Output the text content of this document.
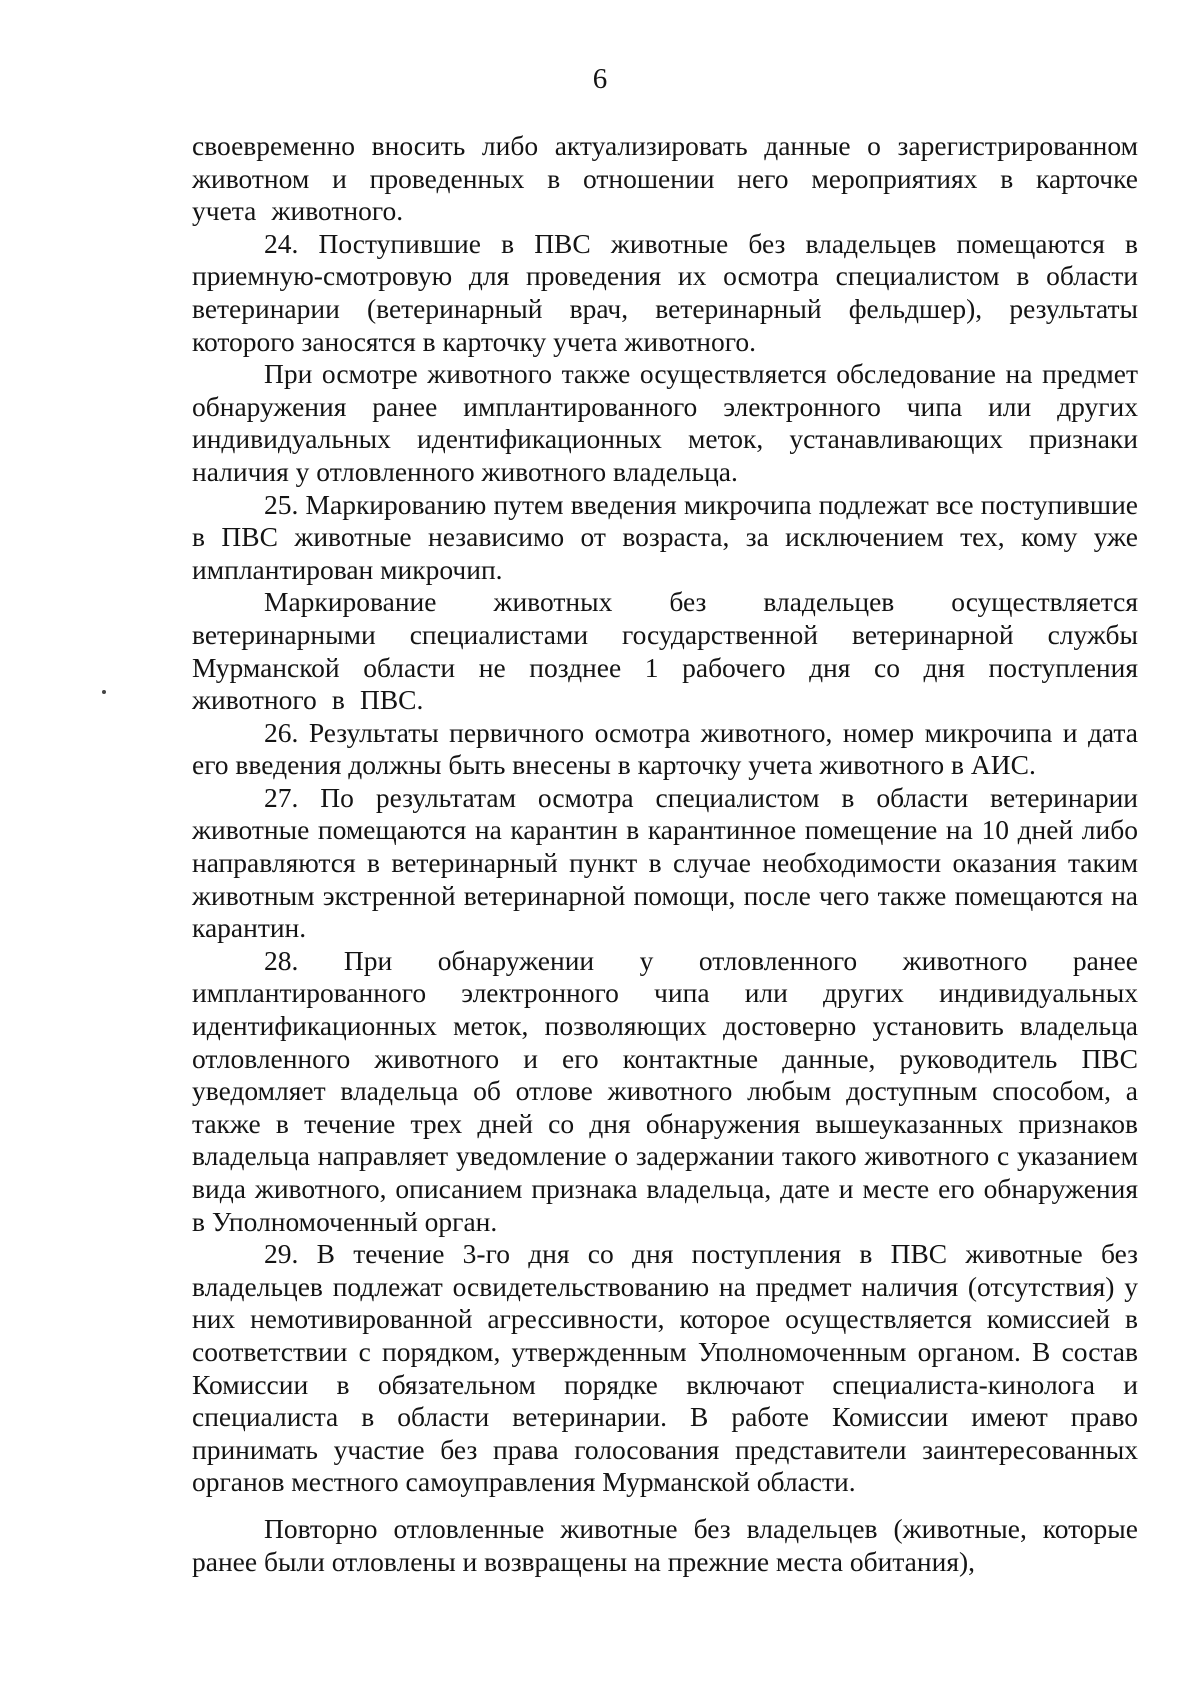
6

своевременно вносить либо актуализировать данные о зарегистрированном животном и проведенных в отношении него мероприятиях в карточке учета животного.

24. Поступившие в ПВС животные без владельцев помещаются в приемную-смотровую для проведения их осмотра специалистом в области ветеринарии (ветеринарный врач, ветеринарный фельдшер), результаты которого заносятся в карточку учета животного.

При осмотре животного также осуществляется обследование на предмет обнаружения ранее имплантированного электронного чипа или других индивидуальных идентификационных меток, устанавливающих признаки наличия у отловленного животного владельца.

25. Маркированию путем введения микрочипа подлежат все поступившие в ПВС животные независимо от возраста, за исключением тех, кому уже имплантирован микрочип.

Маркирование животных без владельцев осуществляется ветеринарными специалистами государственной ветеринарной службы Мурманской области не позднее 1 рабочего дня со дня поступления животного в ПВС.

26. Результаты первичного осмотра животного, номер микрочипа и дата его введения должны быть внесены в карточку учета животного в АИС.

27. По результатам осмотра специалистом в области ветеринарии животные помещаются на карантин в карантинное помещение на 10 дней либо направляются в ветеринарный пункт в случае необходимости оказания таким животным экстренной ветеринарной помощи, после чего также помещаются на карантин.

28. При обнаружении у отловленного животного ранее имплантированного электронного чипа или других индивидуальных идентификационных меток, позволяющих достоверно установить владельца отловленного животного и его контактные данные, руководитель ПВС уведомляет владельца об отлове животного любым доступным способом, а также в течение трех дней со дня обнаружения вышеуказанных признаков владельца направляет уведомление о задержании такого животного с указанием вида животного, описанием признака владельца, дате и месте его обнаружения в Уполномоченный орган.

29. В течение 3-го дня со дня поступления в ПВС животные без владельцев подлежат освидетельствованию на предмет наличия (отсутствия) у них немотивированной агрессивности, которое осуществляется комиссией в соответствии с порядком, утвержденным Уполномоченным органом. В состав Комиссии в обязательном порядке включают специалиста-кинолога и специалиста в области ветеринарии. В работе Комиссии имеют право принимать участие без права голосования представители заинтересованных органов местного самоуправления Мурманской области.

Повторно отловленные животные без владельцев (животные, которые ранее были отловлены и возвращены на прежние места обитания),
